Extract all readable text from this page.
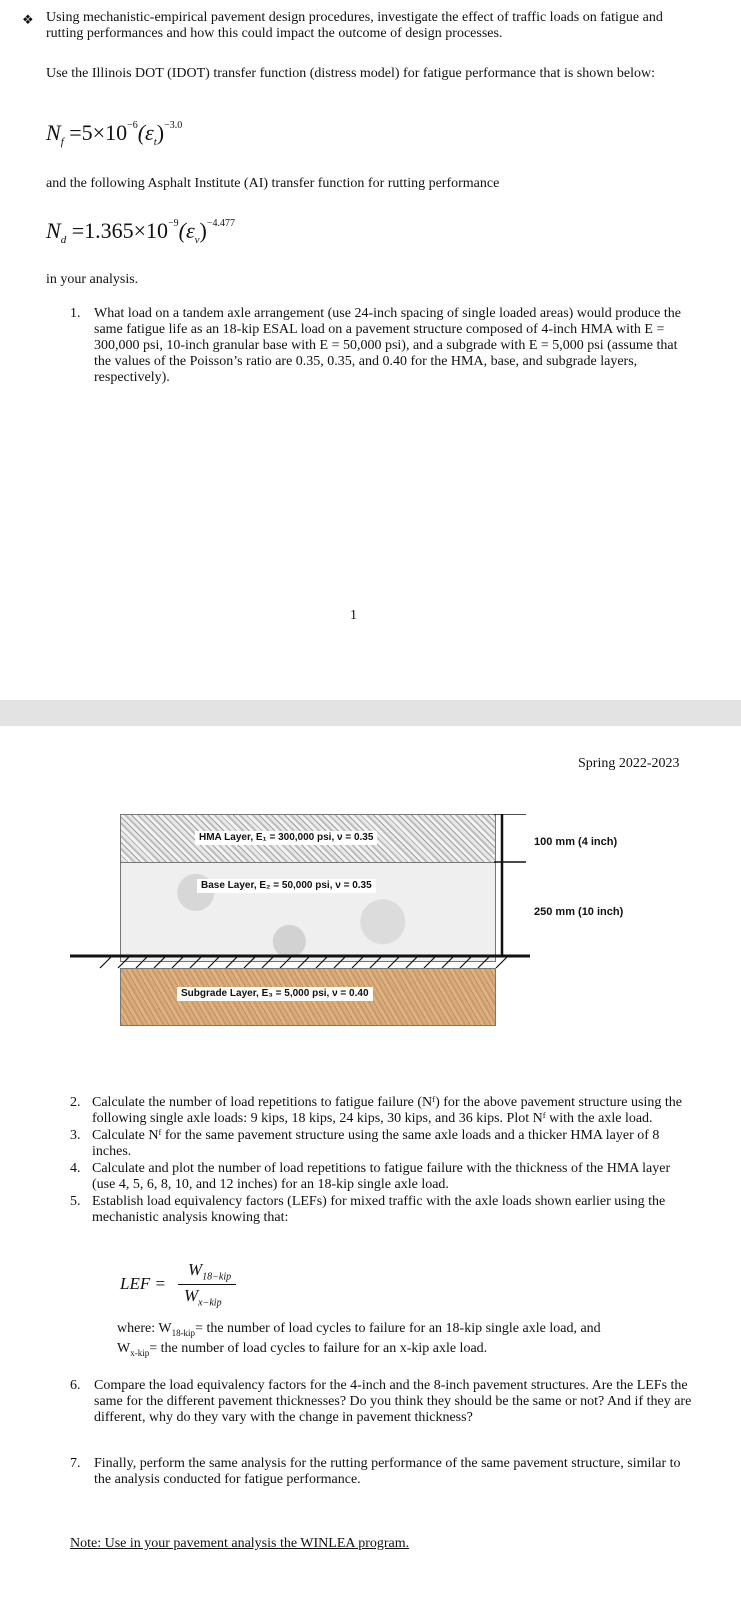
❖ Using mechanistic-empirical pavement design procedures, investigate the effect of traffic loads on fatigue and rutting performances and how this could impact the outcome of design processes.
Use the Illinois DOT (IDOT) transfer function (distress model) for fatigue performance that is shown below:
$N_f =5\times 10^{-6}(\varepsilon_t)^{-3.0}$
and the following Asphalt Institute (AI) transfer function for rutting performance
$N_d =1.365\times 10^{-9}(\varepsilon_v)^{-4.477}$
in your analysis.
1. What load on a tandem axle arrangement (use 24-inch spacing of single loaded areas) would produce the same fatigue life as an 18-kip ESAL load on a pavement structure composed of 4-inch HMA with E = 300,000 psi, 10-inch granular base with E = 50,000 psi), and a subgrade with E = 5,000 psi (assume that the values of the Poisson’s ratio are 0.35, 0.35, and 0.40 for the HMA, base, and subgrade layers, respectively).
1
Spring 2022-2023
HMA Layer, E₁ = 300,000 psi, ν = 0.35
Base Layer, E₂ = 50,000 psi, ν = 0.35
Subgrade Layer, E₃ = 5,000 psi, ν = 0.40
100 mm (4 inch)
250 mm (10 inch)
2. Calculate the number of load repetitions to fatigue failure (Nᶠ) for the above pavement structure using the following single axle loads: 9 kips, 18 kips, 24 kips, 30 kips, and 36 kips. Plot Nᶠ with the axle load.
3. Calculate Nᶠ for the same pavement structure using the same axle loads and a thicker HMA layer of 8 inches.
4. Calculate and plot the number of load repetitions to fatigue failure with the thickness of the HMA layer (use 4, 5, 6, 8, 10, and 12 inches) for an 18-kip single axle load.
5. Establish load equivalency factors (LEFs) for mixed traffic with the axle loads shown earlier using the mechanistic analysis knowing that:
LEF =
$W_{18-kip}$
$W_{x-kip}$
where: $W_{18-kip}=$ the number of load cycles to failure for an 18-kip single axle load, and
$W_{x-kip}=$ the number of load cycles to failure for an x-kip axle load.
6. Compare the load equivalency factors for the 4-inch and the 8-inch pavement structures. Are the LEFs the same for the different pavement thicknesses? Do you think they should be the same or not? And if they are different, why do they vary with the change in pavement thickness?
7. Finally, perform the same analysis for the rutting performance of the same pavement structure, similar to the analysis conducted for fatigue performance.
Note: Use in your pavement analysis the WINLEA program.
